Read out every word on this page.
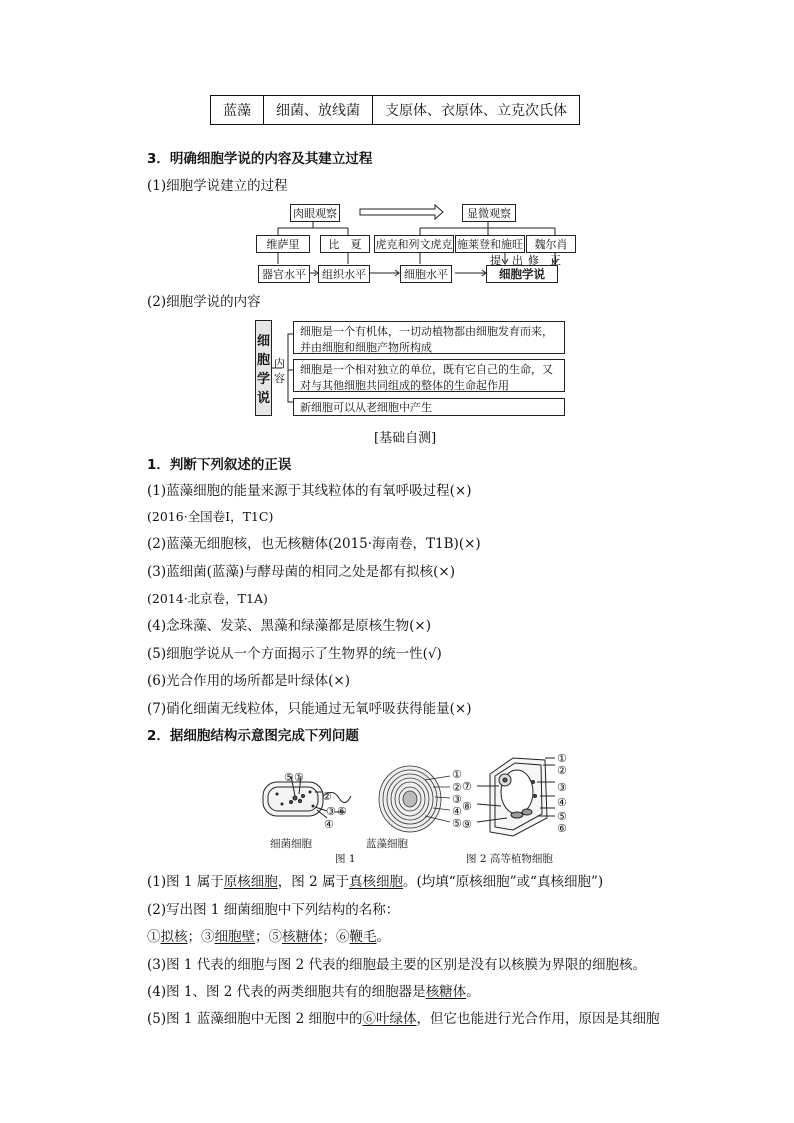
蓝藻	细菌、放线菌	支原体、衣原体、立克次氏体
3．明确细胞学说的内容及其建立过程
(1)细胞学说建立的过程
肉眼观察	显微观察
维萨里	比　夏	虎克和列文虎克 施莱登和施旺	魏尔肖
器官水平	组织水平	细胞水平	细胞学说
提　出 修　正
(2)细胞学说的内容
细
胞
学
说
内
容
细胞是一个有机体，一切动植物都由细胞发育而来，并由细胞和细胞产物所构成
细胞是一个相对独立的单位，既有它自己的生命，又对与其他细胞共同组成的整体的生命起作用
新细胞可以从老细胞中产生
[基础自测]
1．判断下列叙述的正误
(1)蓝藻细胞的能量来源于其线粒体的有氧呼吸过程(×)
(2016·全国卷Ⅰ，T1C)
(2)蓝藻无细胞核，也无核糖体(2015·海南卷，T1B)(×)
(3)蓝细菌(蓝藻)与酵母菌的相同之处是都有拟核(×)
(2014·北京卷，T1A)
(4)念珠藻、发菜、黑藻和绿藻都是原核生物(×)
(5)细胞学说从一个方面揭示了生物界的统一性(√)
(6)光合作用的场所都是叶绿体(×)
(7)硝化细菌无线粒体，只能通过无氧呼吸获得能量(×)
2．据细胞结构示意图完成下列问题
⑤ ①
②
③ ⑥
④
①
②
③
④
⑤
⑦
⑧
⑨
①
②
③
④
⑤
⑥
细菌细胞	蓝藻细胞
图 1	图 2 高等植物细胞
(1)图 1 属于原核细胞，图 2 属于真核细胞。(均填“原核细胞”或“真核细胞”)
(2)写出图 1 细菌细胞中下列结构的名称：
①拟核；③细胞壁；⑤核糖体；⑥鞭毛。
(3)图 1 代表的细胞与图 2 代表的细胞最主要的区别是没有以核膜为界限的细胞核。
(4)图 1、图 2 代表的两类细胞共有的细胞器是核糖体。
(5)图 1 蓝藻细胞中无图 2 细胞中的⑥叶绿体，但它也能进行光合作用，原因是其细胞
